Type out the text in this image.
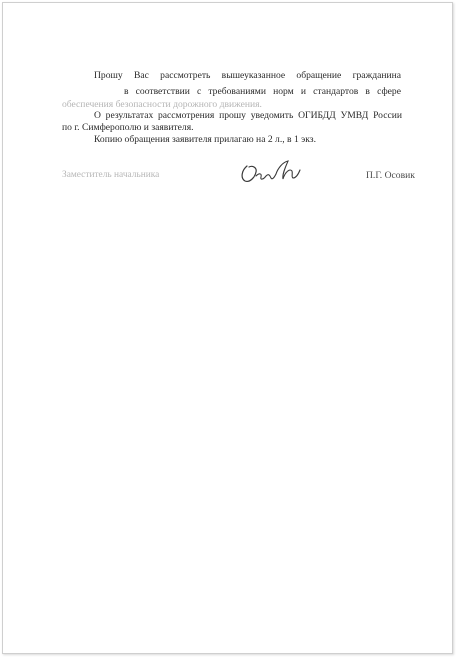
Прошу Вас рассмотреть вышеуказанное обращение гражданина
в соответствии с требованиями норм и стандартов в сфере
обеспечения безопасности дорожного движения.
О результатах рассмотрения прошу уведомить ОГИБДД УМВД России
по г. Симферополю и заявителя.
Копию обращения заявителя прилагаю на 2 л., в 1 экз.
Заместитель начальника	П.Г. Осовик
